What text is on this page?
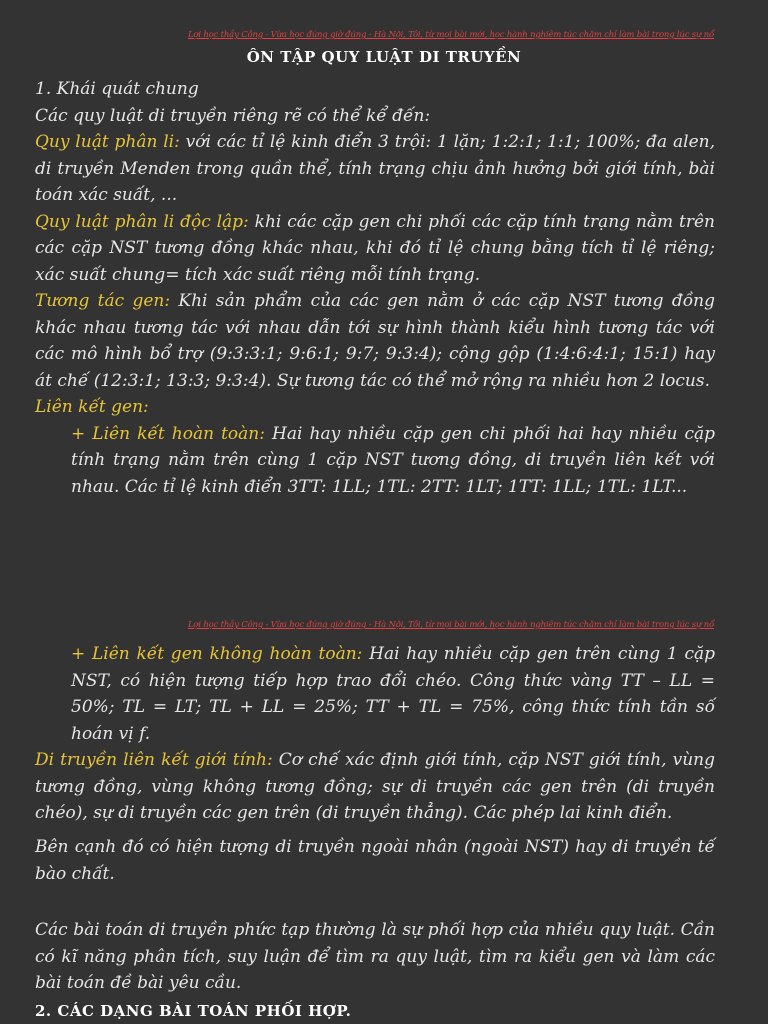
Lợi học thầy Công - Vừa học đúng giờ đúng - Hà Nội, Tôi, từ mọi bài mới, học hành nghiêm túc chăm chỉ làm bài trong lúc sự nổ
ÔN TẬP QUY LUẬT DI TRUYỀN

1. Khái quát chung

Các quy luật di truyền riêng rẽ có thể kể đến:

Quy luật phân li: với các tỉ lệ kinh điển 3 trội: 1 lặn; 1:2:1; 1:1; 100%; đa alen, di truyền Menden trong quần thể, tính trạng chịu ảnh hưởng bởi giới tính, bài toán xác suất, ...

Quy luật phân li độc lập: khi các cặp gen chi phối các cặp tính trạng nằm trên các cặp NST tương đồng khác nhau, khi đó tỉ lệ chung bằng tích tỉ lệ riêng; xác suất chung= tích xác suất riêng mỗi tính trạng.

Tương tác gen: Khi sản phẩm của các gen nằm ở các cặp NST tương đồng khác nhau tương tác với nhau dẫn tới sự hình thành kiểu hình tương tác với các mô hình bổ trợ (9:3:3:1; 9:6:1; 9:7; 9:3:4); cộng gộp (1:4:6:4:1; 15:1) hay át chế (12:3:1; 13:3; 9:3:4). Sự tương tác có thể mở rộng ra nhiều hơn 2 locus.

Liên kết gen:

+ Liên kết hoàn toàn: Hai hay nhiều cặp gen chi phối hai hay nhiều cặp tính trạng nằm trên cùng 1 cặp NST tương đồng, di truyền liên kết với nhau. Các tỉ lệ kinh điển 3TT: 1LL; 1TL: 2TT: 1LT; 1TT: 1LL; 1TL: 1LT...

Lợi học thầy Công - Vừa học đúng giờ đúng - Hà Nội, Tôi, từ mọi bài mới, học hành nghiêm túc chăm chỉ làm bài trong lúc sự nổ

+ Liên kết gen không hoàn toàn: Hai hay nhiều cặp gen trên cùng 1 cặp NST, có hiện tượng tiếp hợp trao đổi chéo. Công thức vàng TT – LL = 50%; TL = LT; TL + LL = 25%; TT + TL = 75%, công thức tính tần số hoán vị f.

Di truyền liên kết giới tính: Cơ chế xác định giới tính, cặp NST giới tính, vùng tương đồng, vùng không tương đồng; sự di truyền các gen trên (di truyền chéo), sự di truyền các gen trên (di truyền thẳng). Các phép lai kinh điển.

Bên cạnh đó có hiện tượng di truyền ngoài nhân (ngoài NST) hay di truyền tế bào chất.
Các bài toán di truyền phức tạp thường là sự phối hợp của nhiều quy luật. Cần có kĩ năng phân tích, suy luận để tìm ra quy luật, tìm ra kiểu gen và làm các bài toán đề bài yêu cầu.
2. CÁC DẠNG BÀI TOÁN PHỐI HỢP.
